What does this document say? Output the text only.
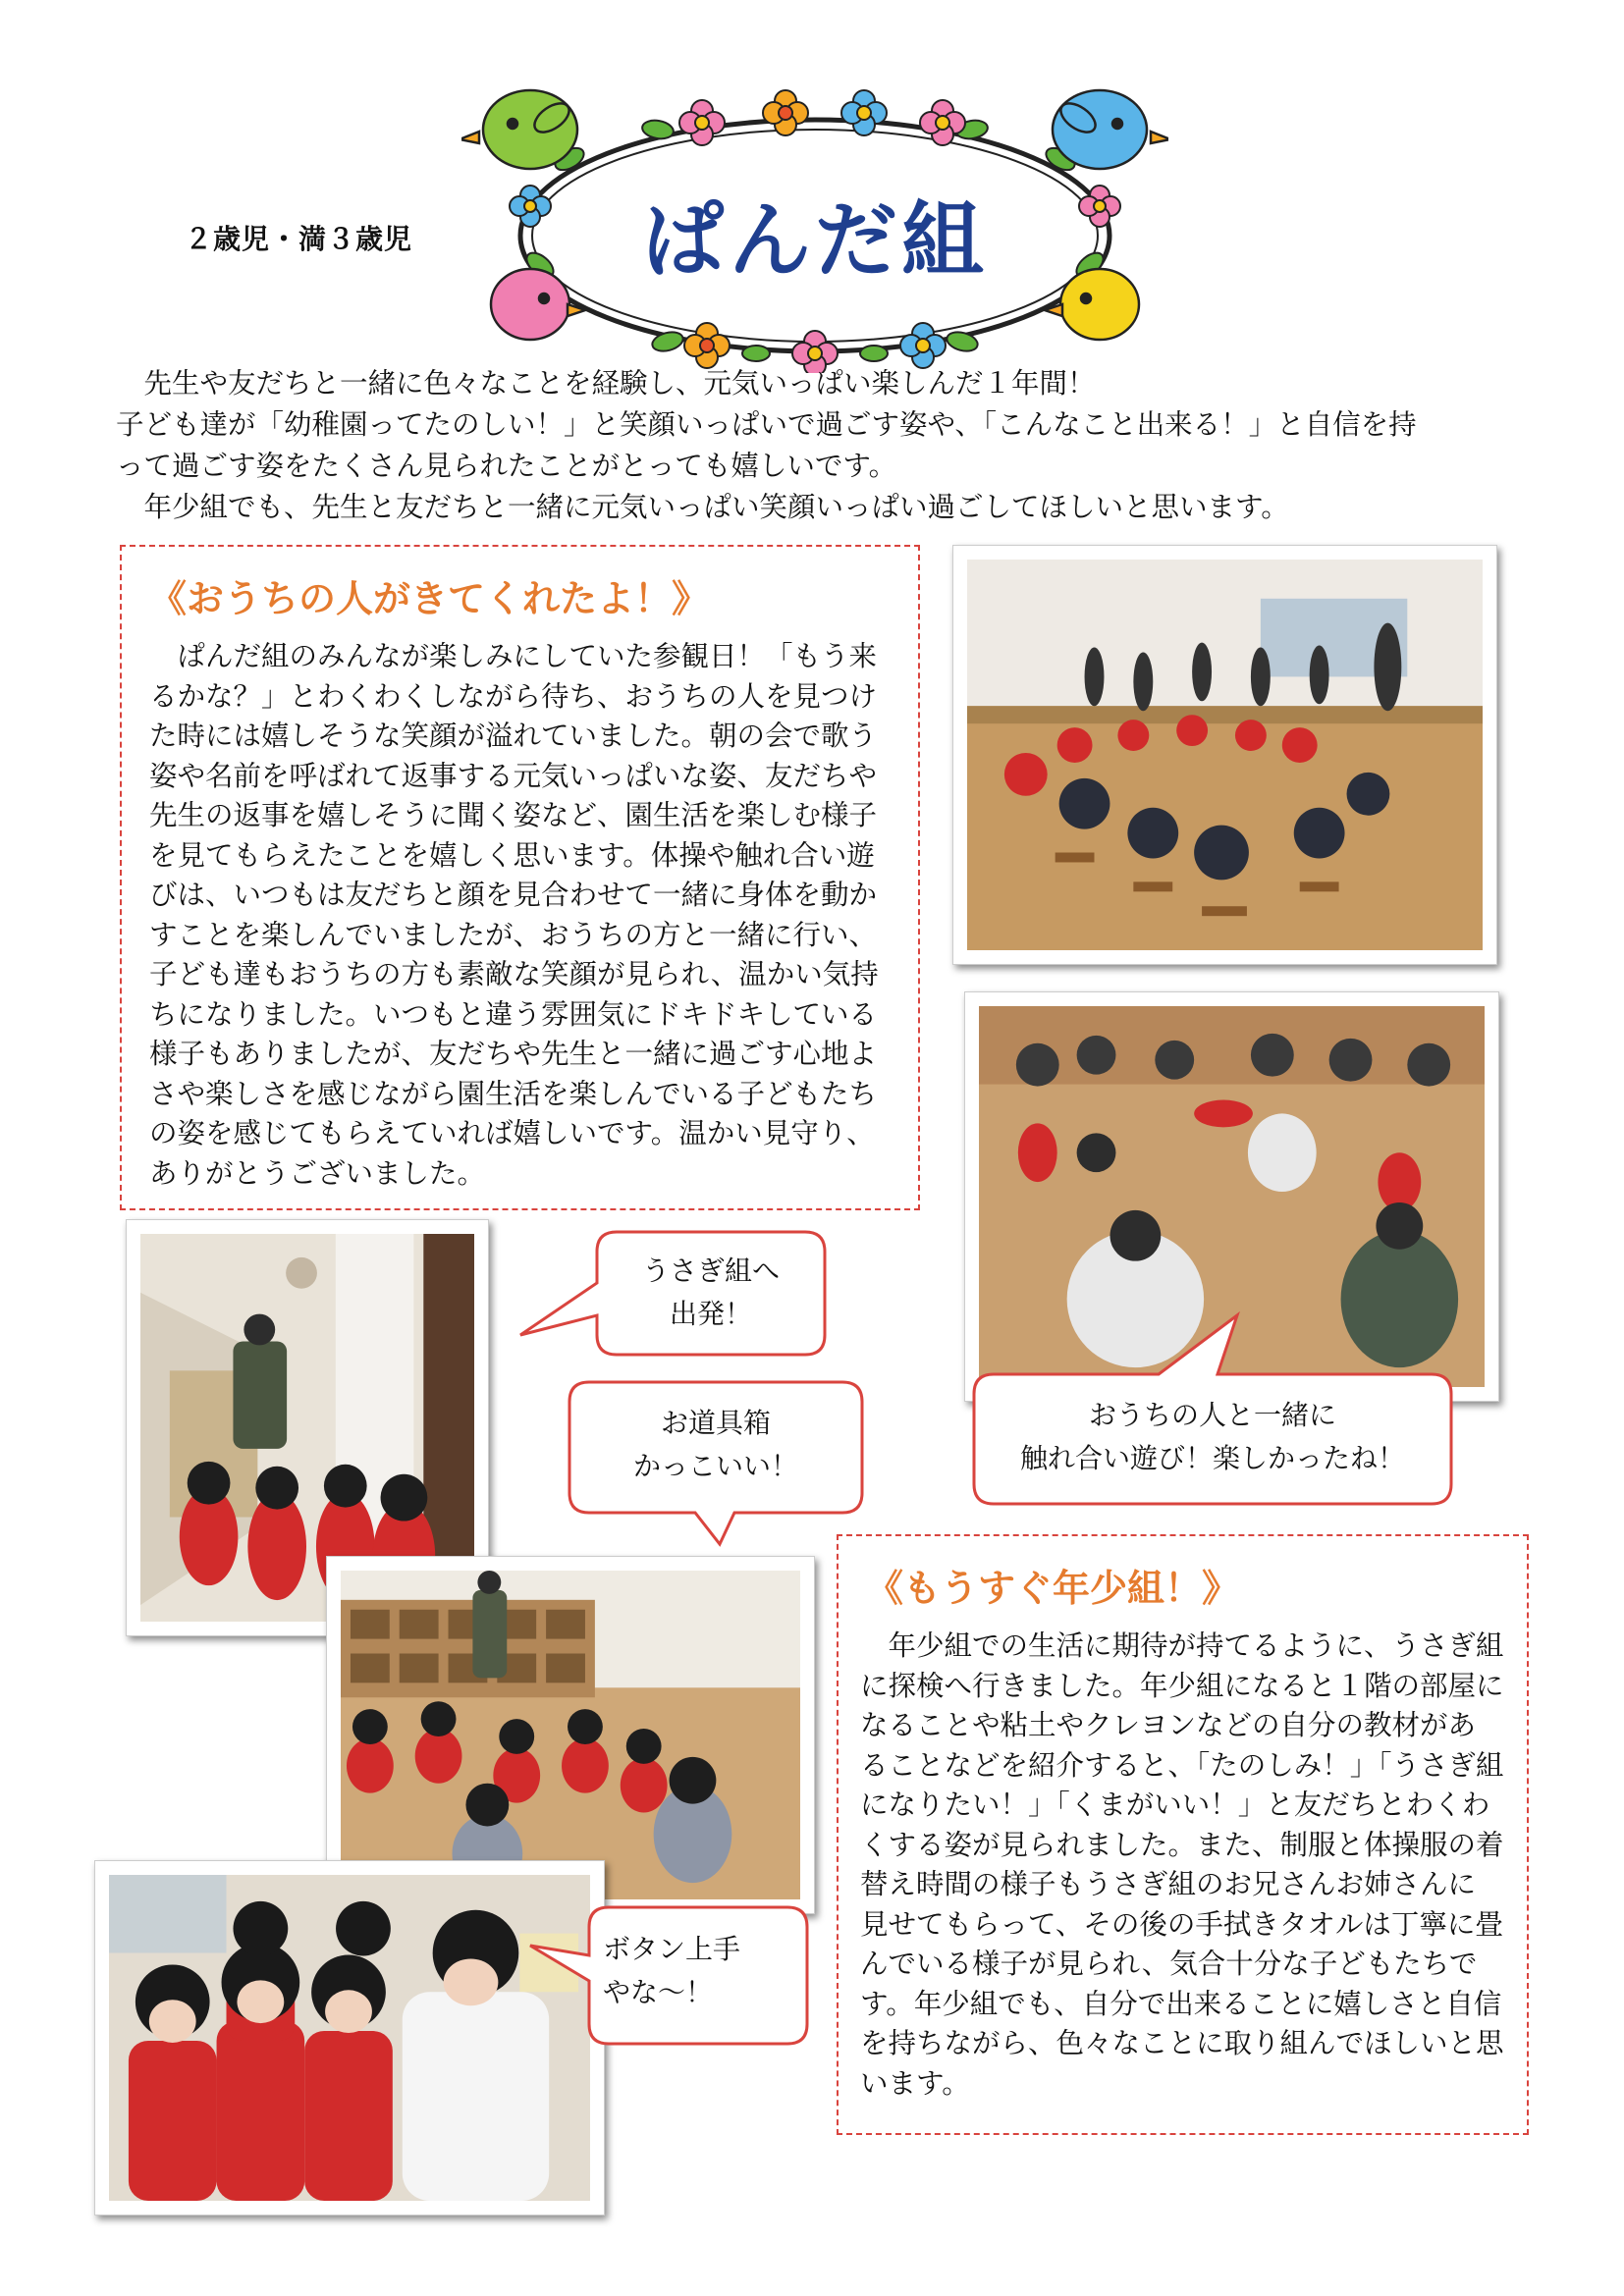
２歳児・満３歳児	ぱんだ組

　先生や友だちと一緒に色々なことを経験し、元気いっぱい楽しんだ１年間！

子ども達が「幼稚園ってたのしい！」と笑顔いっぱいで過ごす姿や、「こんなこと出来る！」と自信を持

って過ごす姿をたくさん見られたことがとっても嬉しいです。

　年少組でも、先生と友だちと一緒に元気いっぱい笑顔いっぱい過ごしてほしいと思います。

《おうちの人がきてくれたよ！》

　ぱんだ組のみんなが楽しみにしていた参観日！「もう来

るかな？」とわくわくしながら待ち、おうちの人を見つけ

た時には嬉しそうな笑顔が溢れていました。朝の会で歌う

姿や名前を呼ばれて返事する元気いっぱいな姿、友だちや

先生の返事を嬉しそうに聞く姿など、園生活を楽しむ様子

を見てもらえたことを嬉しく思います。体操や触れ合い遊

びは、いつもは友だちと顔を見合わせて一緒に身体を動か

すことを楽しんでいましたが、おうちの方と一緒に行い、

子ども達もおうちの方も素敵な笑顔が見られ、温かい気持

ちになりました。いつもと違う雰囲気にドキドキしている

様子もありましたが、友だちや先生と一緒に過ごす心地よ

さや楽しさを感じながら園生活を楽しんでいる子どもたち

の姿を感じてもらえていれば嬉しいです。温かい見守り、

ありがとうございました。

うさぎ組へ

出発！

お道具箱

かっこいい！

おうちの人と一緒に

触れ合い遊び！楽しかったね！

ボタン上手

やな～！

《もうすぐ年少組！》

　年少組での生活に期待が持てるように、うさぎ組

に探検へ行きました。年少組になると１階の部屋に

なることや粘土やクレヨンなどの自分の教材があ

ることなどを紹介すると、「たのしみ！」「うさぎ組

になりたい！」「くまがいい！」と友だちとわくわ

くする姿が見られました。また、制服と体操服の着

替え時間の様子もうさぎ組のお兄さんお姉さんに

見せてもらって、その後の手拭きタオルは丁寧に畳

んでいる様子が見られ、気合十分な子どもたちで

す。年少組でも、自分で出来ることに嬉しさと自信

を持ちながら、色々なことに取り組んでほしいと思

います。
